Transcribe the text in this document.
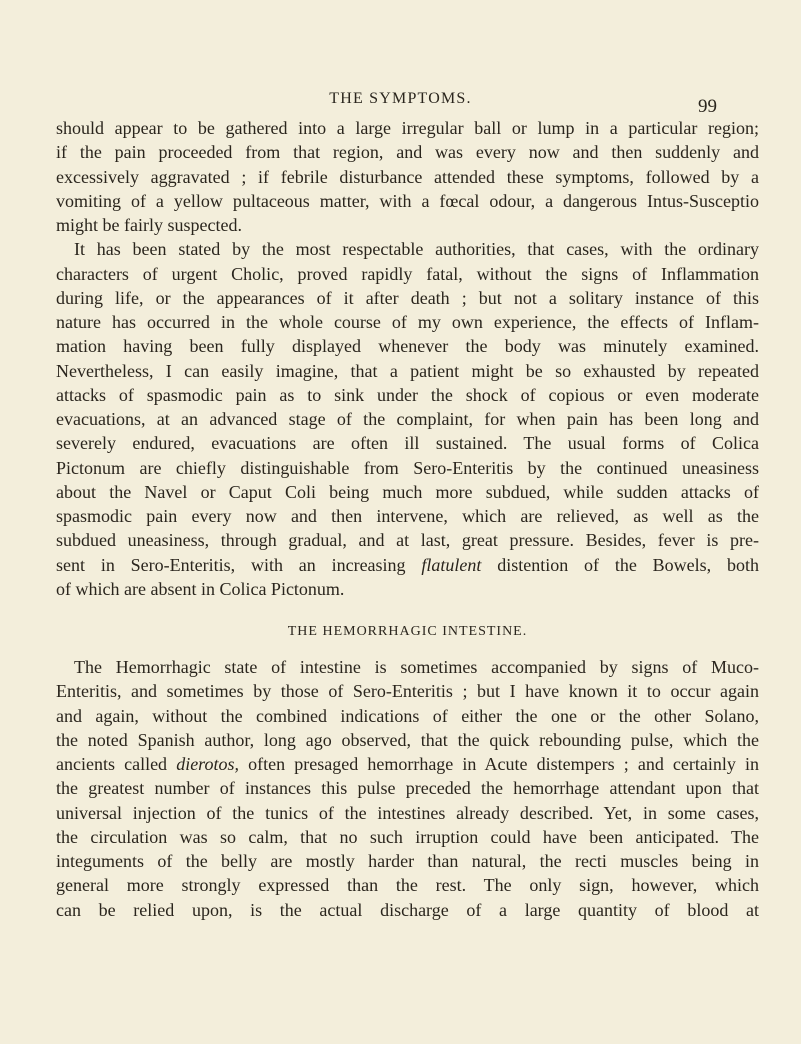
THE SYMPTOMS.	99
should appear to be gathered into a large irregular ball or lump in a particular region;
if the pain proceeded from that region, and was every now and then suddenly and
excessively aggravated ; if febrile disturbance attended these symptoms, followed by a
vomiting of a yellow pultaceous matter, with a fœcal odour, a dangerous Intus-Susceptio
might be fairly suspected.
It has been stated by the most respectable authorities, that cases, with the ordinary
characters of urgent Cholic, proved rapidly fatal, without the signs of Inflammation
during life, or the appearances of it after death ; but not a solitary instance of this
nature has occurred in the whole course of my own experience, the effects of Inflam-
mation having been fully displayed whenever the body was minutely examined.
Nevertheless, I can easily imagine, that a patient might be so exhausted by repeated
attacks of spasmodic pain as to sink under the shock of copious or even moderate
evacuations, at an advanced stage of the complaint, for when pain has been long and
severely endured, evacuations are often ill sustained. The usual forms of Colica
Pictonum are chiefly distinguishable from Sero-Enteritis by the continued uneasiness
about the Navel or Caput Coli being much more subdued, while sudden attacks of
spasmodic pain every now and then intervene, which are relieved, as well as the
subdued uneasiness, through gradual, and at last, great pressure. Besides, fever is pre-
sent in Sero-Enteritis, with an increasing flatulent distention of the Bowels, both
of which are absent in Colica Pictonum.
THE HEMORRHAGIC INTESTINE.
The Hemorrhagic state of intestine is sometimes accompanied by signs of Muco-
Enteritis, and sometimes by those of Sero-Enteritis ; but I have known it to occur again
and again, without the combined indications of either the one or the other Solano,
the noted Spanish author, long ago observed, that the quick rebounding pulse, which the
ancients called dierotos, often presaged hemorrhage in Acute distempers ; and certainly in
the greatest number of instances this pulse preceded the hemorrhage attendant upon that
universal injection of the tunics of the intestines already described. Yet, in some cases,
the circulation was so calm, that no such irruption could have been anticipated. The
integuments of the belly are mostly harder than natural, the recti muscles being in
general more strongly expressed than the rest. The only sign, however, which
can be relied upon, is the actual discharge of a large quantity of blood at
